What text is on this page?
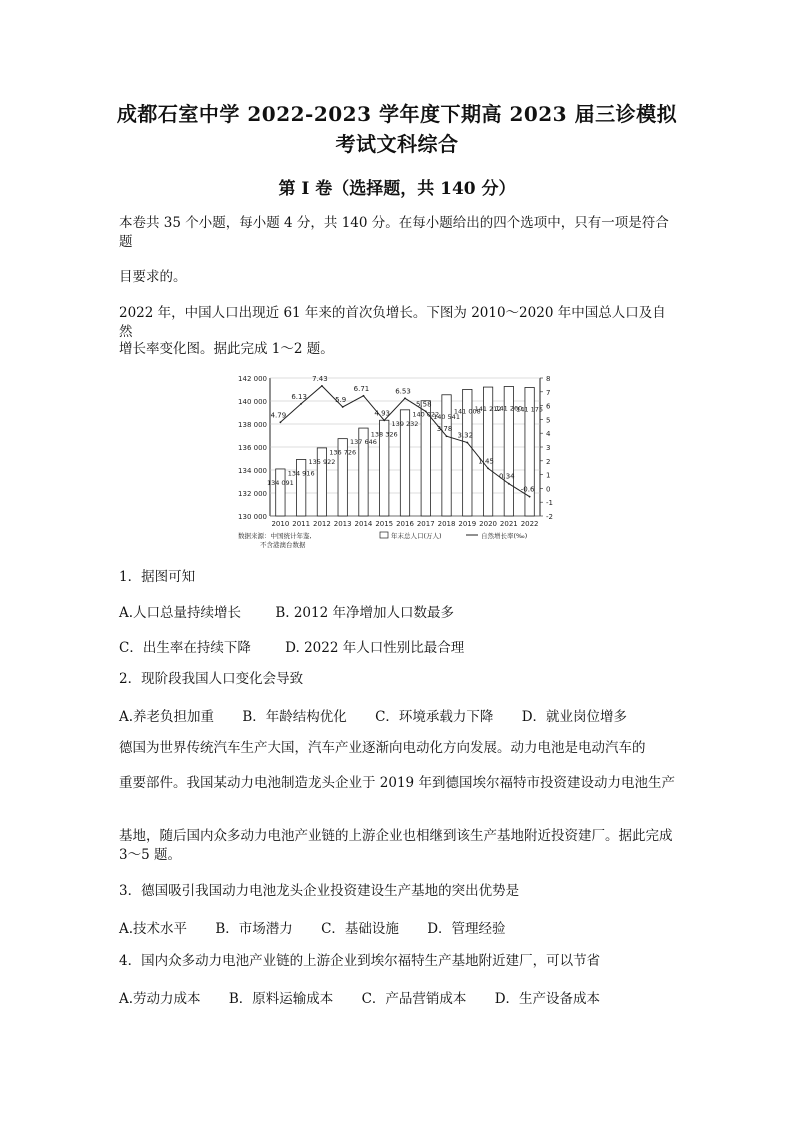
成都石室中学 2022-2023 学年度下期高 2023 届三诊模拟
考试文科综合
第 I 卷（选择题，共 140 分）
本卷共 35 个小题，每小题 4 分，共 140 分。在每小题给出的四个选项中，只有一项是符合题
目要求的。
2022 年，中国人口出现近 61 年来的首次负增长。下图为 2010～2020 年中国总人口及自然
增长率变化图。据此完成 1～2 题。
130 000
132 000
134 000
136 000
138 000
140 000
142 000
-2
-1
0
1
2
3
4
5
6
7
8
2010 2011 2012 2013 2014 2015 2016 2017 2018 2019 2020 2021 2022
134 091
134 916
135 922
136 726
137 646
138 326
139 232
140 022
140 541
141 008
141 212
141 260
141 175
4.79
6.13
7.43
5.9
6.71
4.93
6.53
5.58
3.78
3.32
1.45
0.34
-0.6
数据来源：中国统计年鉴,
不含港澳台数据
年末总人口(万人)	自然增长率(‰)
1．据图可知
A.人口总量持续增长	B. 2012 年净增加人口数最多
C．出生率在持续下降	D. 2022 年人口性别比最合理
2．现阶段我国人口变化会导致
A.养老负担加重 B．年龄结构优化 C．环境承载力下降 D．就业岗位增多
德国为世界传统汽车生产大国，汽车产业逐渐向电动化方向发展。动力电池是电动汽车的
重要部件。我国某动力电池制造龙头企业于 2019 年到德国埃尔福特市投资建设动力电池生产
基地，随后国内众多动力电池产业链的上游企业也相继到该生产基地附近投资建厂。据此完成 3～5 题。
3．德国吸引我国动力电池龙头企业投资建设生产基地的突出优势是
A.技术水平 B．市场潜力 C．基础设施 D．管理经验
4．国内众多动力电池产业链的上游企业到埃尔福特生产基地附近建厂，可以节省
A.劳动力成本 B．原料运输成本 C．产品营销成本 D．生产设备成本
